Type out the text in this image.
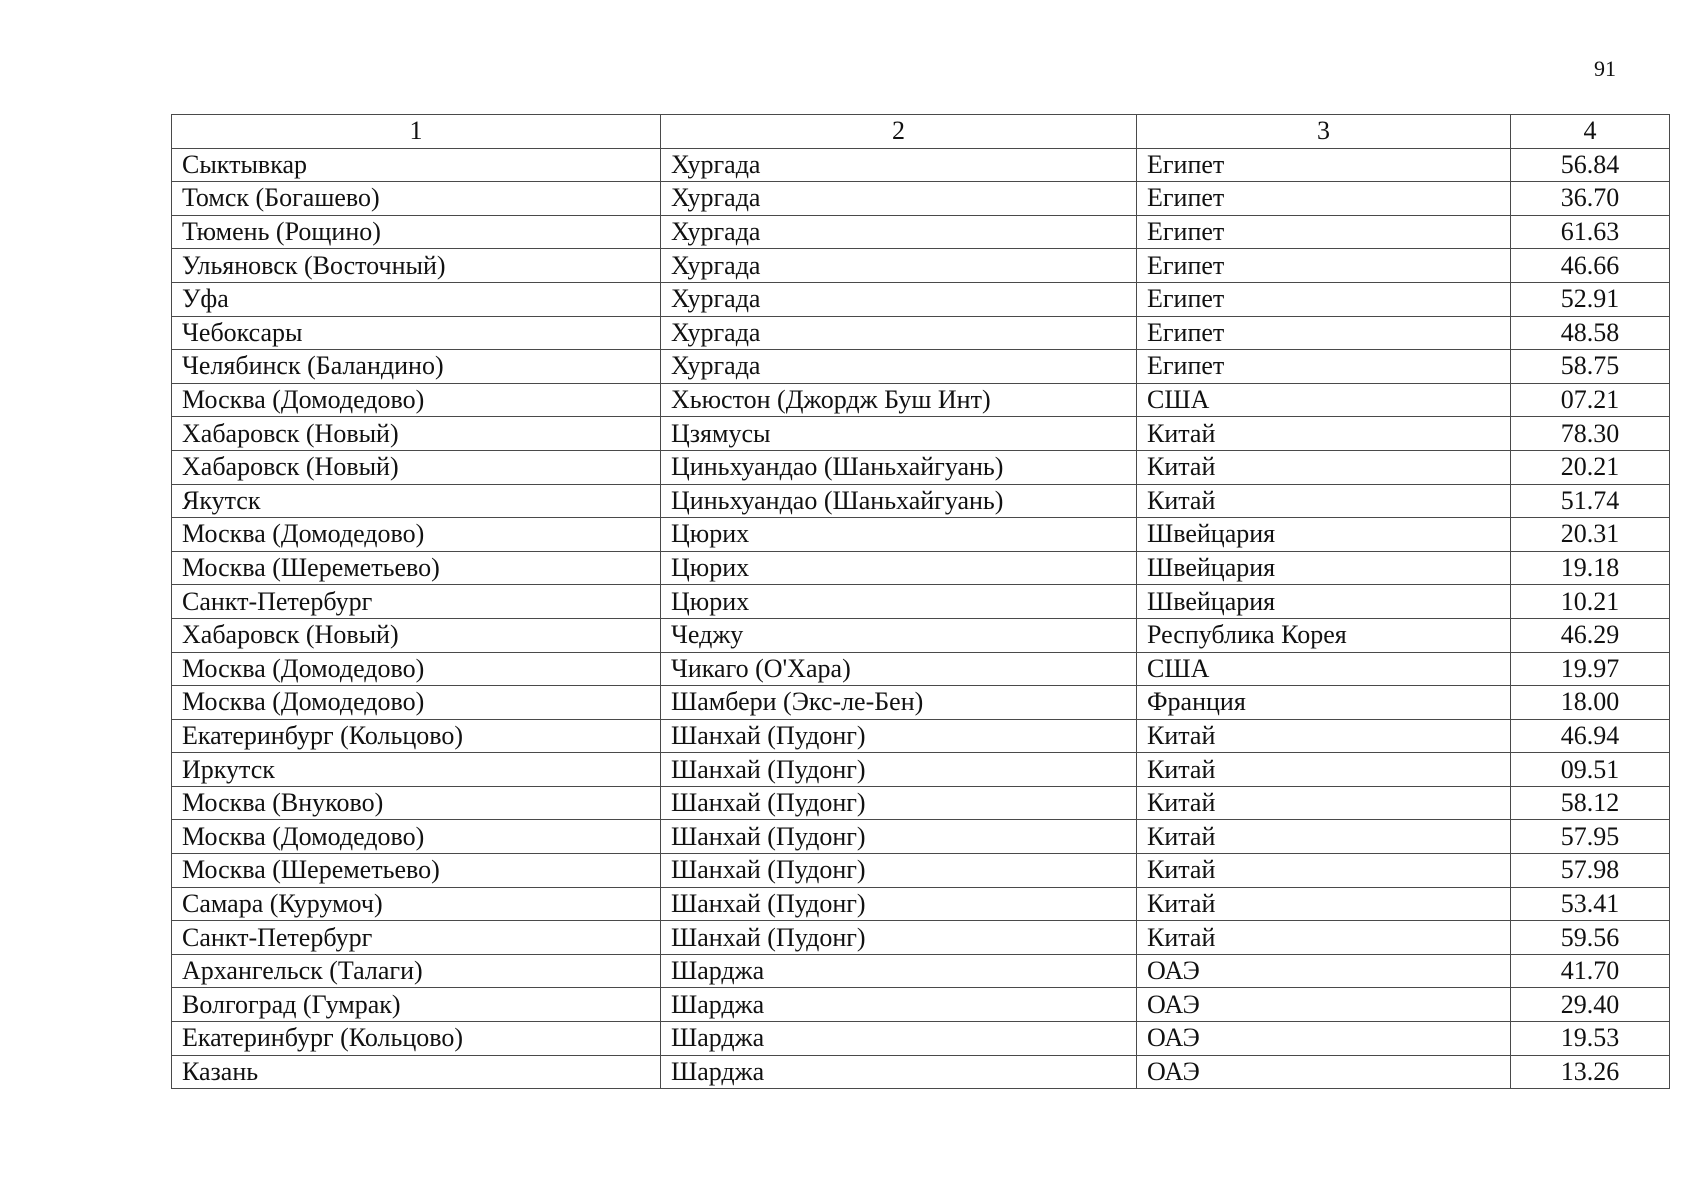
91
1	2	3	4
Сыктывкар	Хургада	Египет	56.84
Томск (Богашево)	Хургада	Египет	36.70
Тюмень (Рощино)	Хургада	Египет	61.63
Ульяновск (Восточный)	Хургада	Египет	46.66
Уфа	Хургада	Египет	52.91
Чебоксары	Хургада	Египет	48.58
Челябинск (Баландино)	Хургада	Египет	58.75
Москва (Домодедово)	Хьюстон (Джордж Буш Инт)	США	07.21
Хабаровск (Новый)	Цзямусы	Китай	78.30
Хабаровск (Новый)	Циньхуандао (Шаньхайгуань)	Китай	20.21
Якутск	Циньхуандао (Шаньхайгуань)	Китай	51.74
Москва (Домодедово)	Цюрих	Швейцария	20.31
Москва (Шереметьево)	Цюрих	Швейцария	19.18
Санкт-Петербург	Цюрих	Швейцария	10.21
Хабаровск (Новый)	Чеджу	Республика Корея	46.29
Москва (Домодедово)	Чикаго (О'Хара)	США	19.97
Москва (Домодедово)	Шамбери (Экс-ле-Бен)	Франция	18.00
Екатеринбург (Кольцово)	Шанхай (Пудонг)	Китай	46.94
Иркутск	Шанхай (Пудонг)	Китай	09.51
Москва (Внуково)	Шанхай (Пудонг)	Китай	58.12
Москва (Домодедово)	Шанхай (Пудонг)	Китай	57.95
Москва (Шереметьево)	Шанхай (Пудонг)	Китай	57.98
Самара (Курумоч)	Шанхай (Пудонг)	Китай	53.41
Санкт-Петербург	Шанхай (Пудонг)	Китай	59.56
Архангельск (Талаги)	Шарджа	ОАЭ	41.70
Волгоград (Гумрак)	Шарджа	ОАЭ	29.40
Екатеринбург (Кольцово)	Шарджа	ОАЭ	19.53
Казань	Шарджа	ОАЭ	13.26
